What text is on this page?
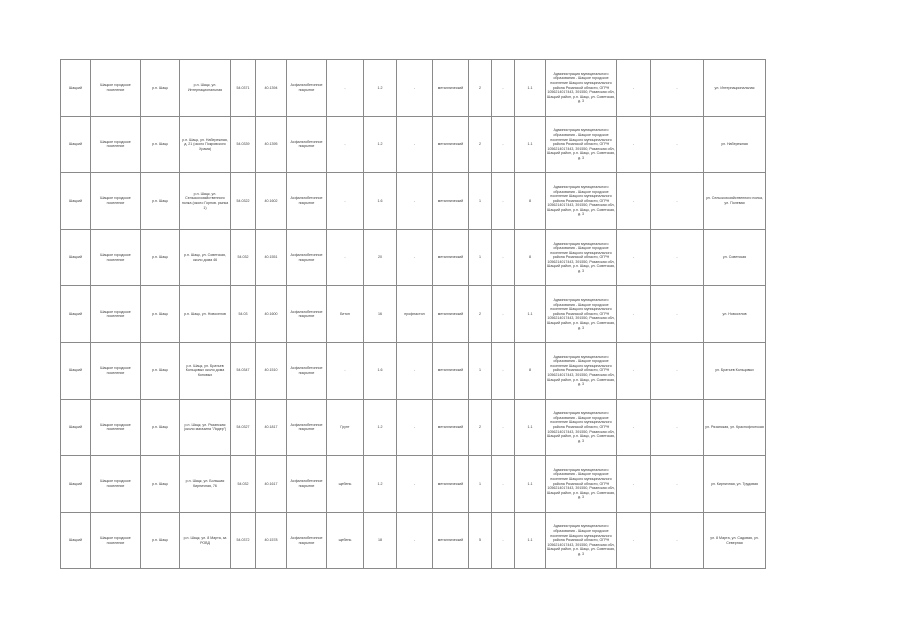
Шацкий	Шацкое городское поселение	р.п. Шацк	р.п. Шацк, ул. Интернациональная	54.0371	40.1394	Асфальтобетонное покрытие	-	1.2	-	металлический	2	-	1.1	Администрация муниципального образования - Шацкое городское поселение Шацкого муниципального района Рязанской области, ОГРН 1056214017443, 391550, Рязанская обл, Шацкий район, р.п. Шацк, ул. Советская, д. 3	-	-	ул. Интернациональная
Шацкий	Шацкое городское поселение	р.п. Шацк	р.п. Шацк, ул. Набережная, д. 21 (около Покровского Храма)	54.0339	40.1395	Асфальтобетонное покрытие	-	1.2	-	металлический	2	-	1.1	Администрация муниципального образования - Шацкое городское поселение Шацкого муниципального района Рязанской области, ОГРН 1056214017443, 391550, Рязанская обл, Шацкий район, р.п. Шацк, ул. Советская, д. 3	-	-	ул. Набережная
Шацкий	Шацкое городское поселение	р.п. Шацк	р.п. Шацк, ул. Сельскохозяйственного полка (около Горнов. рынка 1)	54.0322	40.1602	Асфальтобетонное покрытие	-	1.6	-	металлический	1	-	8	Администрация муниципального образования - Шацкое городское поселение Шацкого муниципального района Рязанской области, ОГРН 1056214017443, 391550, Рязанская обл, Шацкий район, р.п. Шацк, ул. Советская, д. 3	-	-	ул. Сельскохозяйственного полка, ул. Полевая
Шацкий	Шацкое городское поселение	р.п. Шацк	р.п. Шацк, ул. Советская, около дома 46	54.032	40.1551	Асфальтобетонное покрытие	-	20	-	металлический	1	-	8	Администрация муниципального образования - Шацкое городское поселение Шацкого муниципального района Рязанской области, ОГРН 1056214017443, 391550, Рязанская обл, Шацкий район, р.п. Шацк, ул. Советская, д. 3	-	-	ул. Советская
Шацкий	Шацкое городское поселение	р.п. Шацк	р.п. Шацк, ул. Новоселов	54.03	40.1600	Асфальтобетонное покрытие	Бетон	16	профнастил	металлический	2	-	1.1	Администрация муниципального образования - Шацкое городское поселение Шацкого муниципального района Рязанской области, ОГРН 1056214017443, 391550, Рязанская обл, Шацкий район, р.п. Шацк, ул. Советская, д. 3	-	-	ул. Новоселов
Шацкий	Шацкое городское поселение	р.п. Шацк	р.п. Шацк, ул. Братьев Кольцовых около дома Коновых	54.0347	40.1510	Асфальтобетонное покрытие	-	1.6	-	металлический	1	-	8	Администрация муниципального образования - Шацкое городское поселение Шацкого муниципального района Рязанской области, ОГРН 1056214017443, 391550, Рязанская обл, Шацкий район, р.п. Шацк, ул. Советская, д. 3	-	-	ул. Братьев Кольцовых
Шацкий	Шацкое городское поселение	р.п. Шацк	р.п. Шацк, ул. Рязанская (около магазина "Лидер")	54.0327	40.1817	Асфальтобетонное покрытие	Грунт	1.2	-	металлический	2	-	1.1	Администрация муниципального образования - Шацкое городское поселение Шацкого муниципального района Рязанской области, ОГРН 1056214017443, 391550, Рязанская обл, Шацкий район, р.п. Шацк, ул. Советская, д. 3	-	-	ул. Рязанская, ул. Краснофлотская
Шацкий	Шацкое городское поселение	р.п. Шацк	р.п. Шацк, ул. Большая Кирпичная, 76	54.032	40.1617	Асфальтобетонное покрытие	щебень	1.2	-	металлический	1	-	1.1	Администрация муниципального образования - Шацкое городское поселение Шацкого муниципального района Рязанской области, ОГРН 1056214017443, 391550, Рязанская обл, Шацкий район, р.п. Шацк, ул. Советская, д. 3	-	-	ул. Кирпичная, ул. Трудовая
Шацкий	Шацкое городское поселение	р.п. Шацк	р.п. Шацк, ул. 8 Марта, за РОВД	54.0372	40.1578	Асфальтобетонное покрытие	щебень	18	-	металлический	5	-	1.1	Администрация муниципального образования - Шацкое городское поселение Шацкого муниципального района Рязанской области, ОГРН 1056214017443, 391550, Рязанская обл, Шацкий район, р.п. Шацк, ул. Советская, д. 3	-	-	ул. 8 Марта, ул. Садовая, ул. Северная
